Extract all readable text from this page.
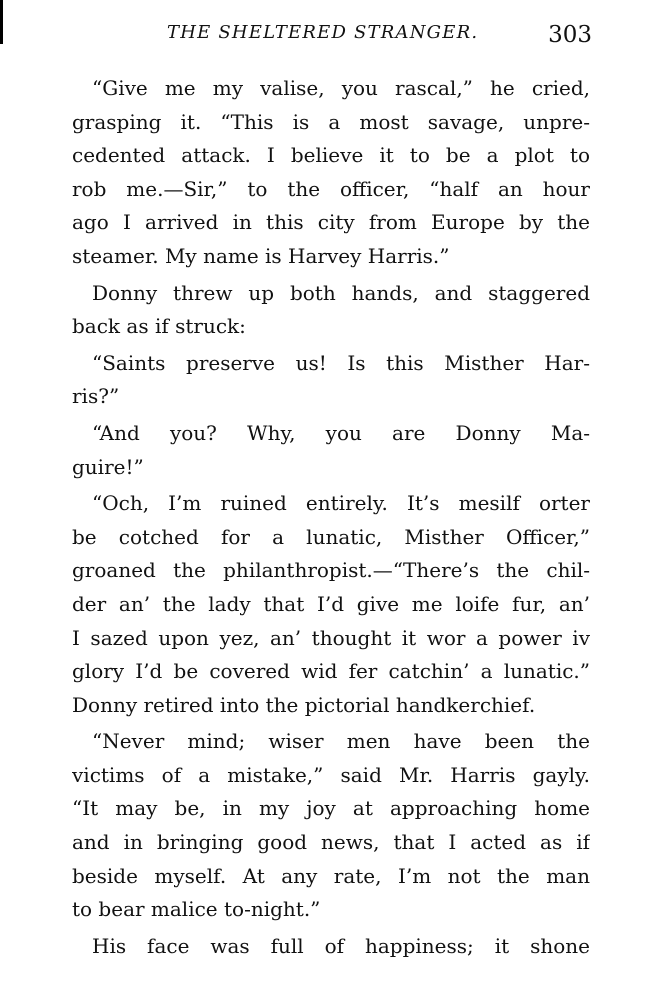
THE SHELTERED STRANGER.	303
“Give me my valise, you rascal,” he cried,
grasping it. “This is a most savage, unpre-
cedented attack. I believe it to be a plot to
rob me.—Sir,” to the officer, “half an hour
ago I arrived in this city from Europe by the
steamer. My name is Harvey Harris.”
Donny threw up both hands, and staggered
back as if struck:
“Saints preserve us! Is this Misther Har-
ris?”
“And you? Why, you are Donny Ma-
guire!”
“Och, I’m ruined entirely. It’s mesilf orter
be cotched for a lunatic, Misther Officer,”
groaned the philanthropist.—“There’s the chil-
der an’ the lady that I’d give me loife fur, an’
I sazed upon yez, an’ thought it wor a power iv
glory I’d be covered wid fer catchin’ a lunatic.”
Donny retired into the pictorial handkerchief.
“Never mind; wiser men have been the
victims of a mistake,” said Mr. Harris gayly.
“It may be, in my joy at approaching home
and in bringing good news, that I acted as if
beside myself. At any rate, I’m not the man
to bear malice to-night.”
His face was full of happiness; it shone
